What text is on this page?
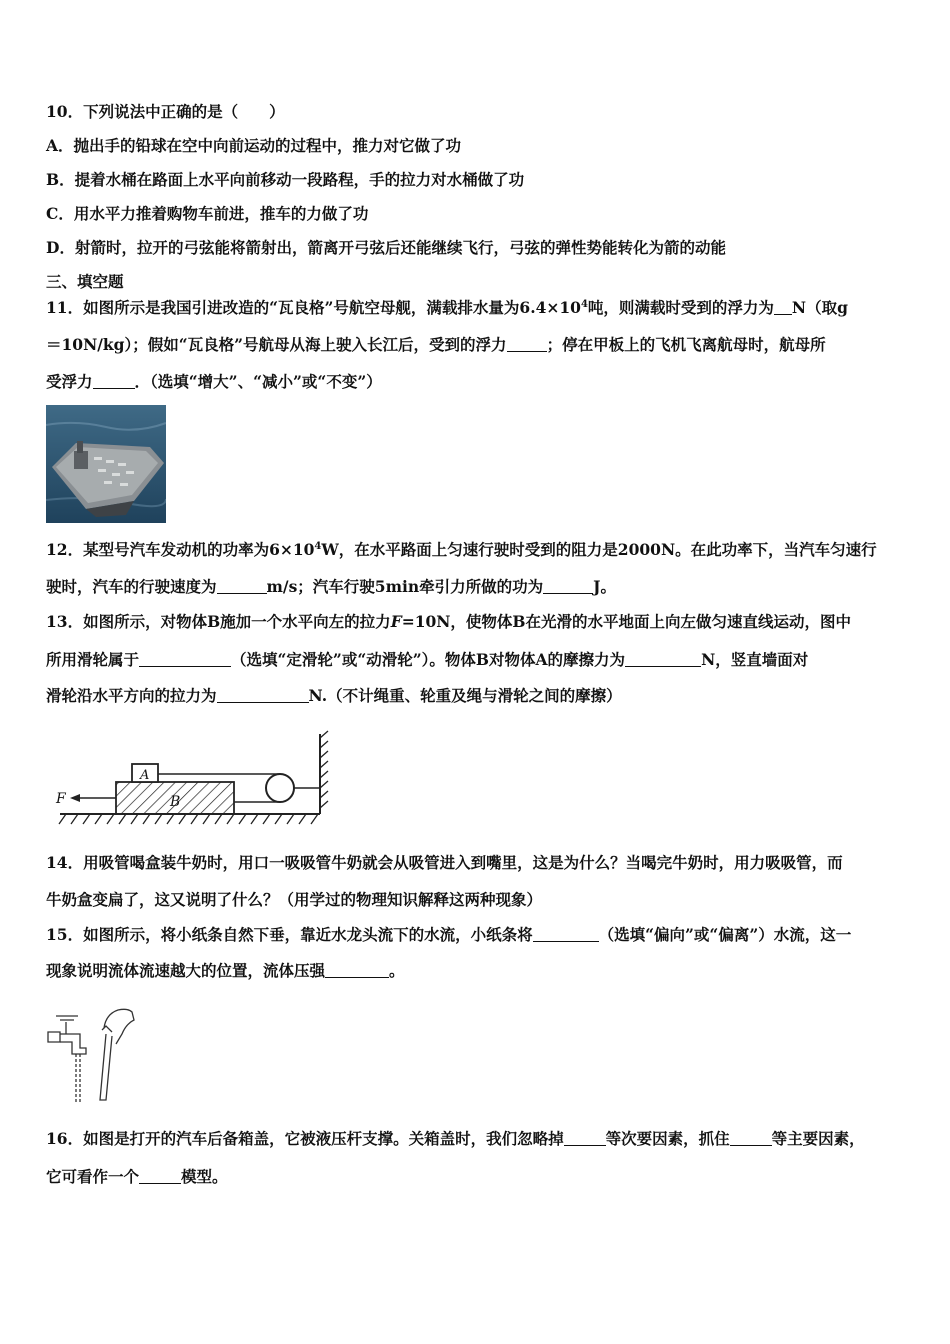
10．下列说法中正确的是（　　）
A．抛出手的铅球在空中向前运动的过程中，推力对它做了功
B．提着水桶在路面上水平向前移动一段路程，手的拉力对水桶做了功
C．用水平力推着购物车前进，推车的力做了功
D．射箭时，拉开的弓弦能将箭射出，箭离开弓弦后还能继续飞行，弓弦的弹性势能转化为箭的动能
三、填空题
11．如图所示是我国引进改造的“瓦良格”号航空母舰，满载排水量为$6.4\times 10^4$吨，则满载时受到的浮力为 N（取g
＝10N/kg）；假如“瓦良格”号航母从海上驶入长江后，受到的浮力	；停在甲板上的飞机飞离航母时，航母所
受浮力	．（选填“增大”、“减小”或“不变”）
12．某型号汽车发动机的功率为$6\times 10^4W$，在水平路面上匀速行驶时受到的阻力是2000N。在此功率下，当汽车匀速行
驶时，汽车的行驶速度为	m/s；汽车行驶5min牵引力所做的功为	J。
13．如图所示，对物体B施加一个水平向左的拉力F=10N，使物体B在光滑的水平地面上向左做匀速直线运动，图中
所用滑轮属于	（选填“定滑轮”或“动滑轮”）。物体B对物体A的摩擦力为	N，竖直墙面对
滑轮沿水平方向的拉力为	N.（不计绳重、轮重及绳与滑轮之间的摩擦）
A
B
F
14．用吸管喝盒装牛奶时，用口一吸吸管牛奶就会从吸管进入到嘴里，这是为什么？当喝完牛奶时，用力吸吸管，而
牛奶盒变扁了，这又说明了什么？（用学过的物理知识解释这两种现象）
15．如图所示，将小纸条自然下垂，靠近水龙头流下的水流，小纸条将	（选填“偏向”或“偏离”）水流，这一
现象说明流体流速越大的位置，流体压强	。
16．如图是打开的汽车后备箱盖，它被液压杆支撑。关箱盖时，我们忽略掉	等次要因素，抓住	等主要因素，
它可看作一个	模型。
